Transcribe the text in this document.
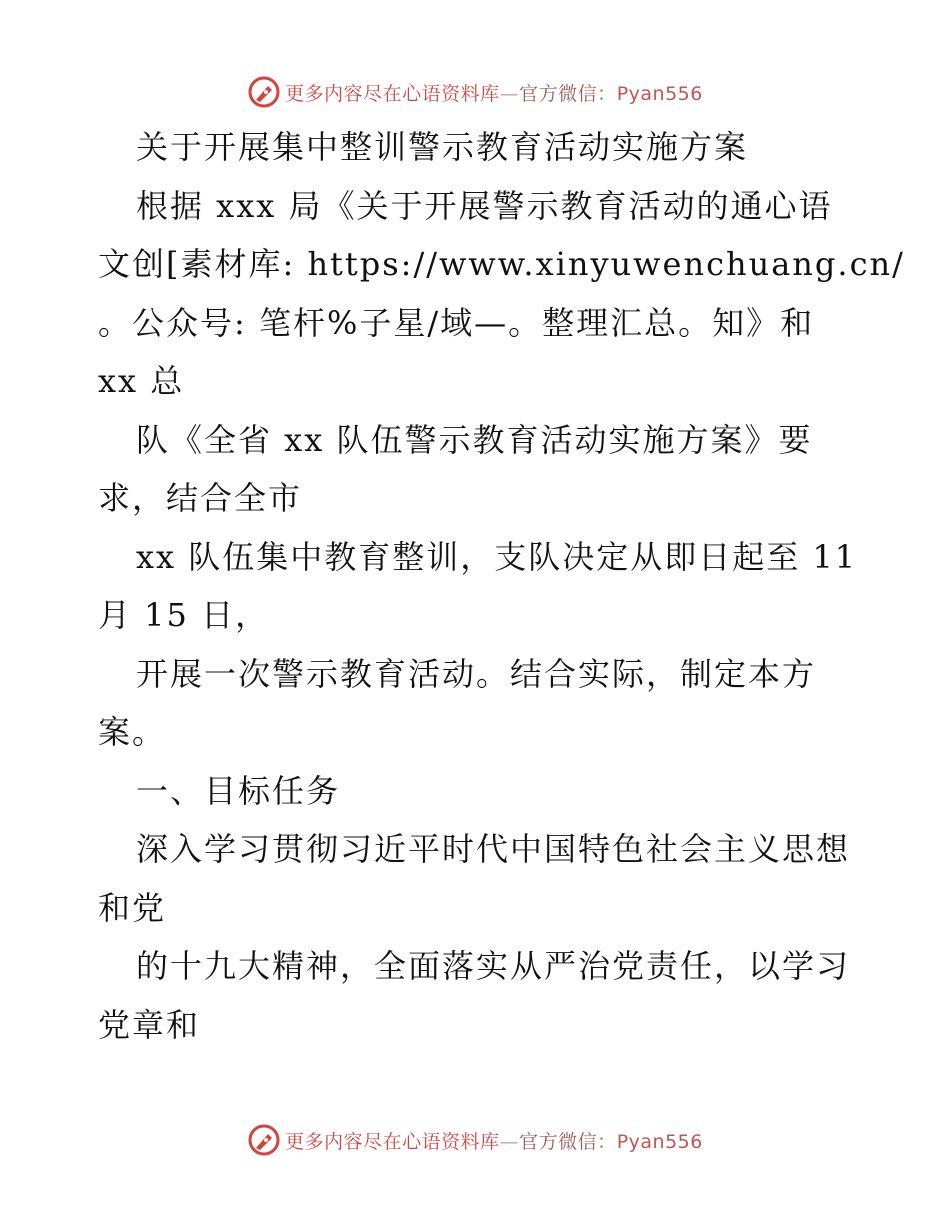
更多内容尽在心语资料库—官方微信：Pyan556
关于开展集中整训警示教育活动实施方案
根据 xxx 局《关于开展警示教育活动的通心语
文创[素材库: https://www.xinyuwenchuang.cn/
。公众号: 笔杆%子星/域—。整理汇总。知》和
xx 总
队《全省 xx 队伍警示教育活动实施方案》要
求，结合全市
xx 队伍集中教育整训，支队决定从即日起至 11
月 15 日，
开展一次警示教育活动。结合实际，制定本方
案。
一、目标任务
深入学习贯彻习近平时代中国特色社会主义思想
和党
的十九大精神，全面落实从严治党责任，以学习
党章和
更多内容尽在心语资料库—官方微信：Pyan556
